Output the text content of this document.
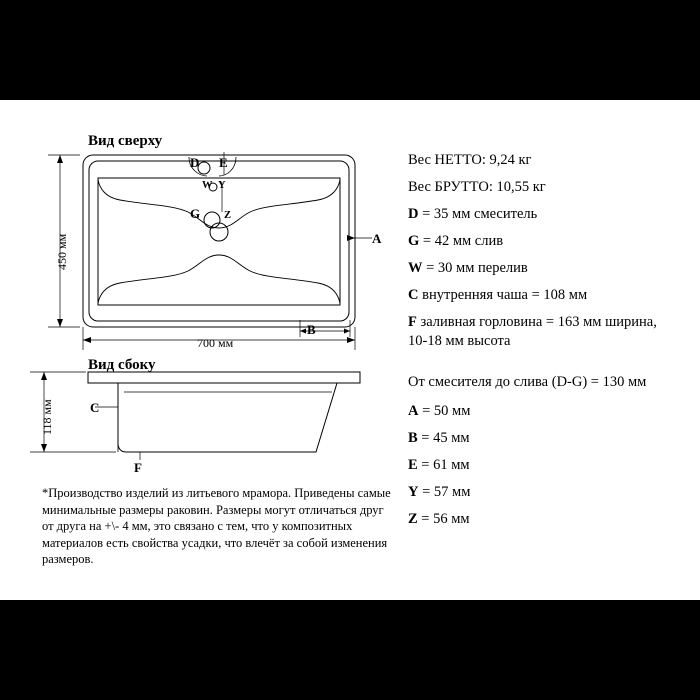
Вид сверху
Вид сбоку
700 мм
450 мм	A
B
D E
W Y
G Z
118 мм	C
F
Вес НЕТТО: 9,24 кг
Вес БРУТТО: 10,55 кг
D = 35 мм смеситель
G = 42 мм слив
W = 30 мм перелив
C внутренняя чаша = 108 мм
F заливная горловина = 163 мм ширина,
10-18 мм высота
От смесителя до слива (D-G) = 130 мм
A = 50 мм
B = 45 мм
E = 61 мм
Y = 57 мм
Z = 56 мм
*Производство изделий из литьевого мрамора. Приведены самые минимальные размеры раковин. Размеры могут отличаться друг от друга на +\- 4 мм, это связано с тем, что у композитных материалов есть свойства усадки, что влечёт за собой изменения размеров.
